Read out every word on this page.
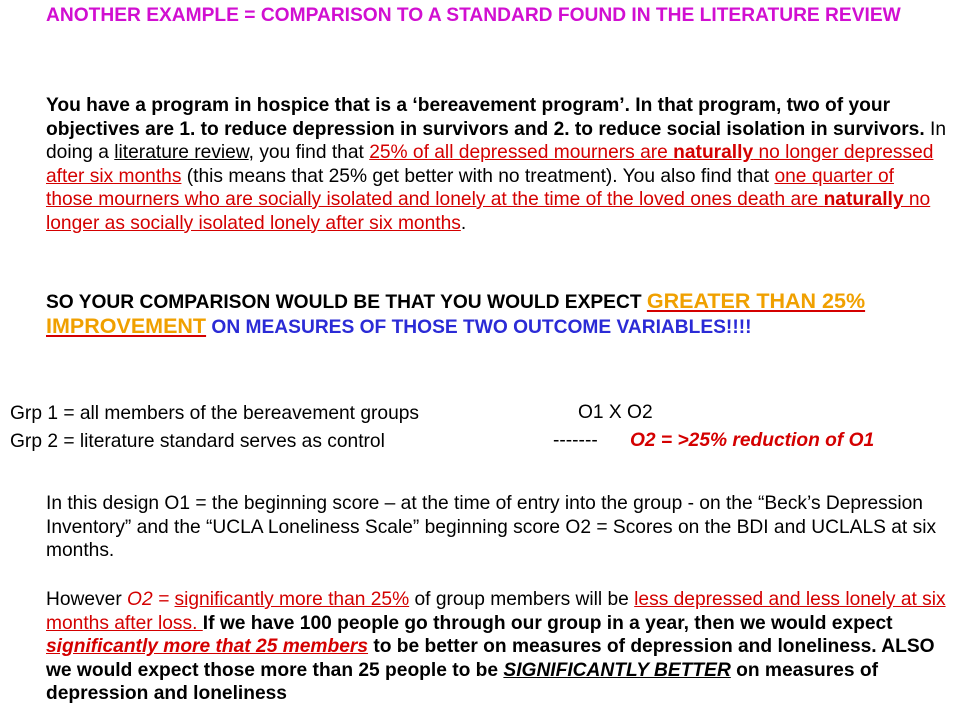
ANOTHER EXAMPLE = COMPARISON TO A STANDARD FOUND IN THE LITERATURE REVIEW
You have a program in hospice that is a ‘bereavement program’. In that program, two of your objectives are 1. to reduce depression in survivors and 2. to reduce social isolation in survivors. In doing a literature review, you find that 25% of all depressed mourners are naturally no longer depressed after six months (this means that 25% get better with no treatment). You also find that one quarter of those mourners who are socially isolated and lonely at the time of the loved ones death are naturally no longer as socially isolated lonely after six months.
SO YOUR COMPARISON WOULD BE THAT YOU WOULD EXPECT GREATER THAN 25% IMPROVEMENT ON MEASURES OF THOSE TWO OUTCOME VARIABLES!!!!
Grp 1 = all members of the bereavement groups	O1 X O2
Grp 2 = literature standard serves as control	------- O2 = >25% reduction of O1
In this design O1 = the beginning score – at the time of entry into the group - on the “Beck’s Depression Inventory” and the “UCLA Loneliness Scale” beginning score O2 = Scores on the BDI and UCLALS at six months.
However O2 = significantly more than 25% of group members will be less depressed and less lonely at six months after loss. If we have 100 people go through our group in a year, then we would expect significantly more that 25 members to be better on measures of depression and loneliness. ALSO we would expect those more than 25 people to be SIGNIFICANTLY BETTER on measures of depression and loneliness
